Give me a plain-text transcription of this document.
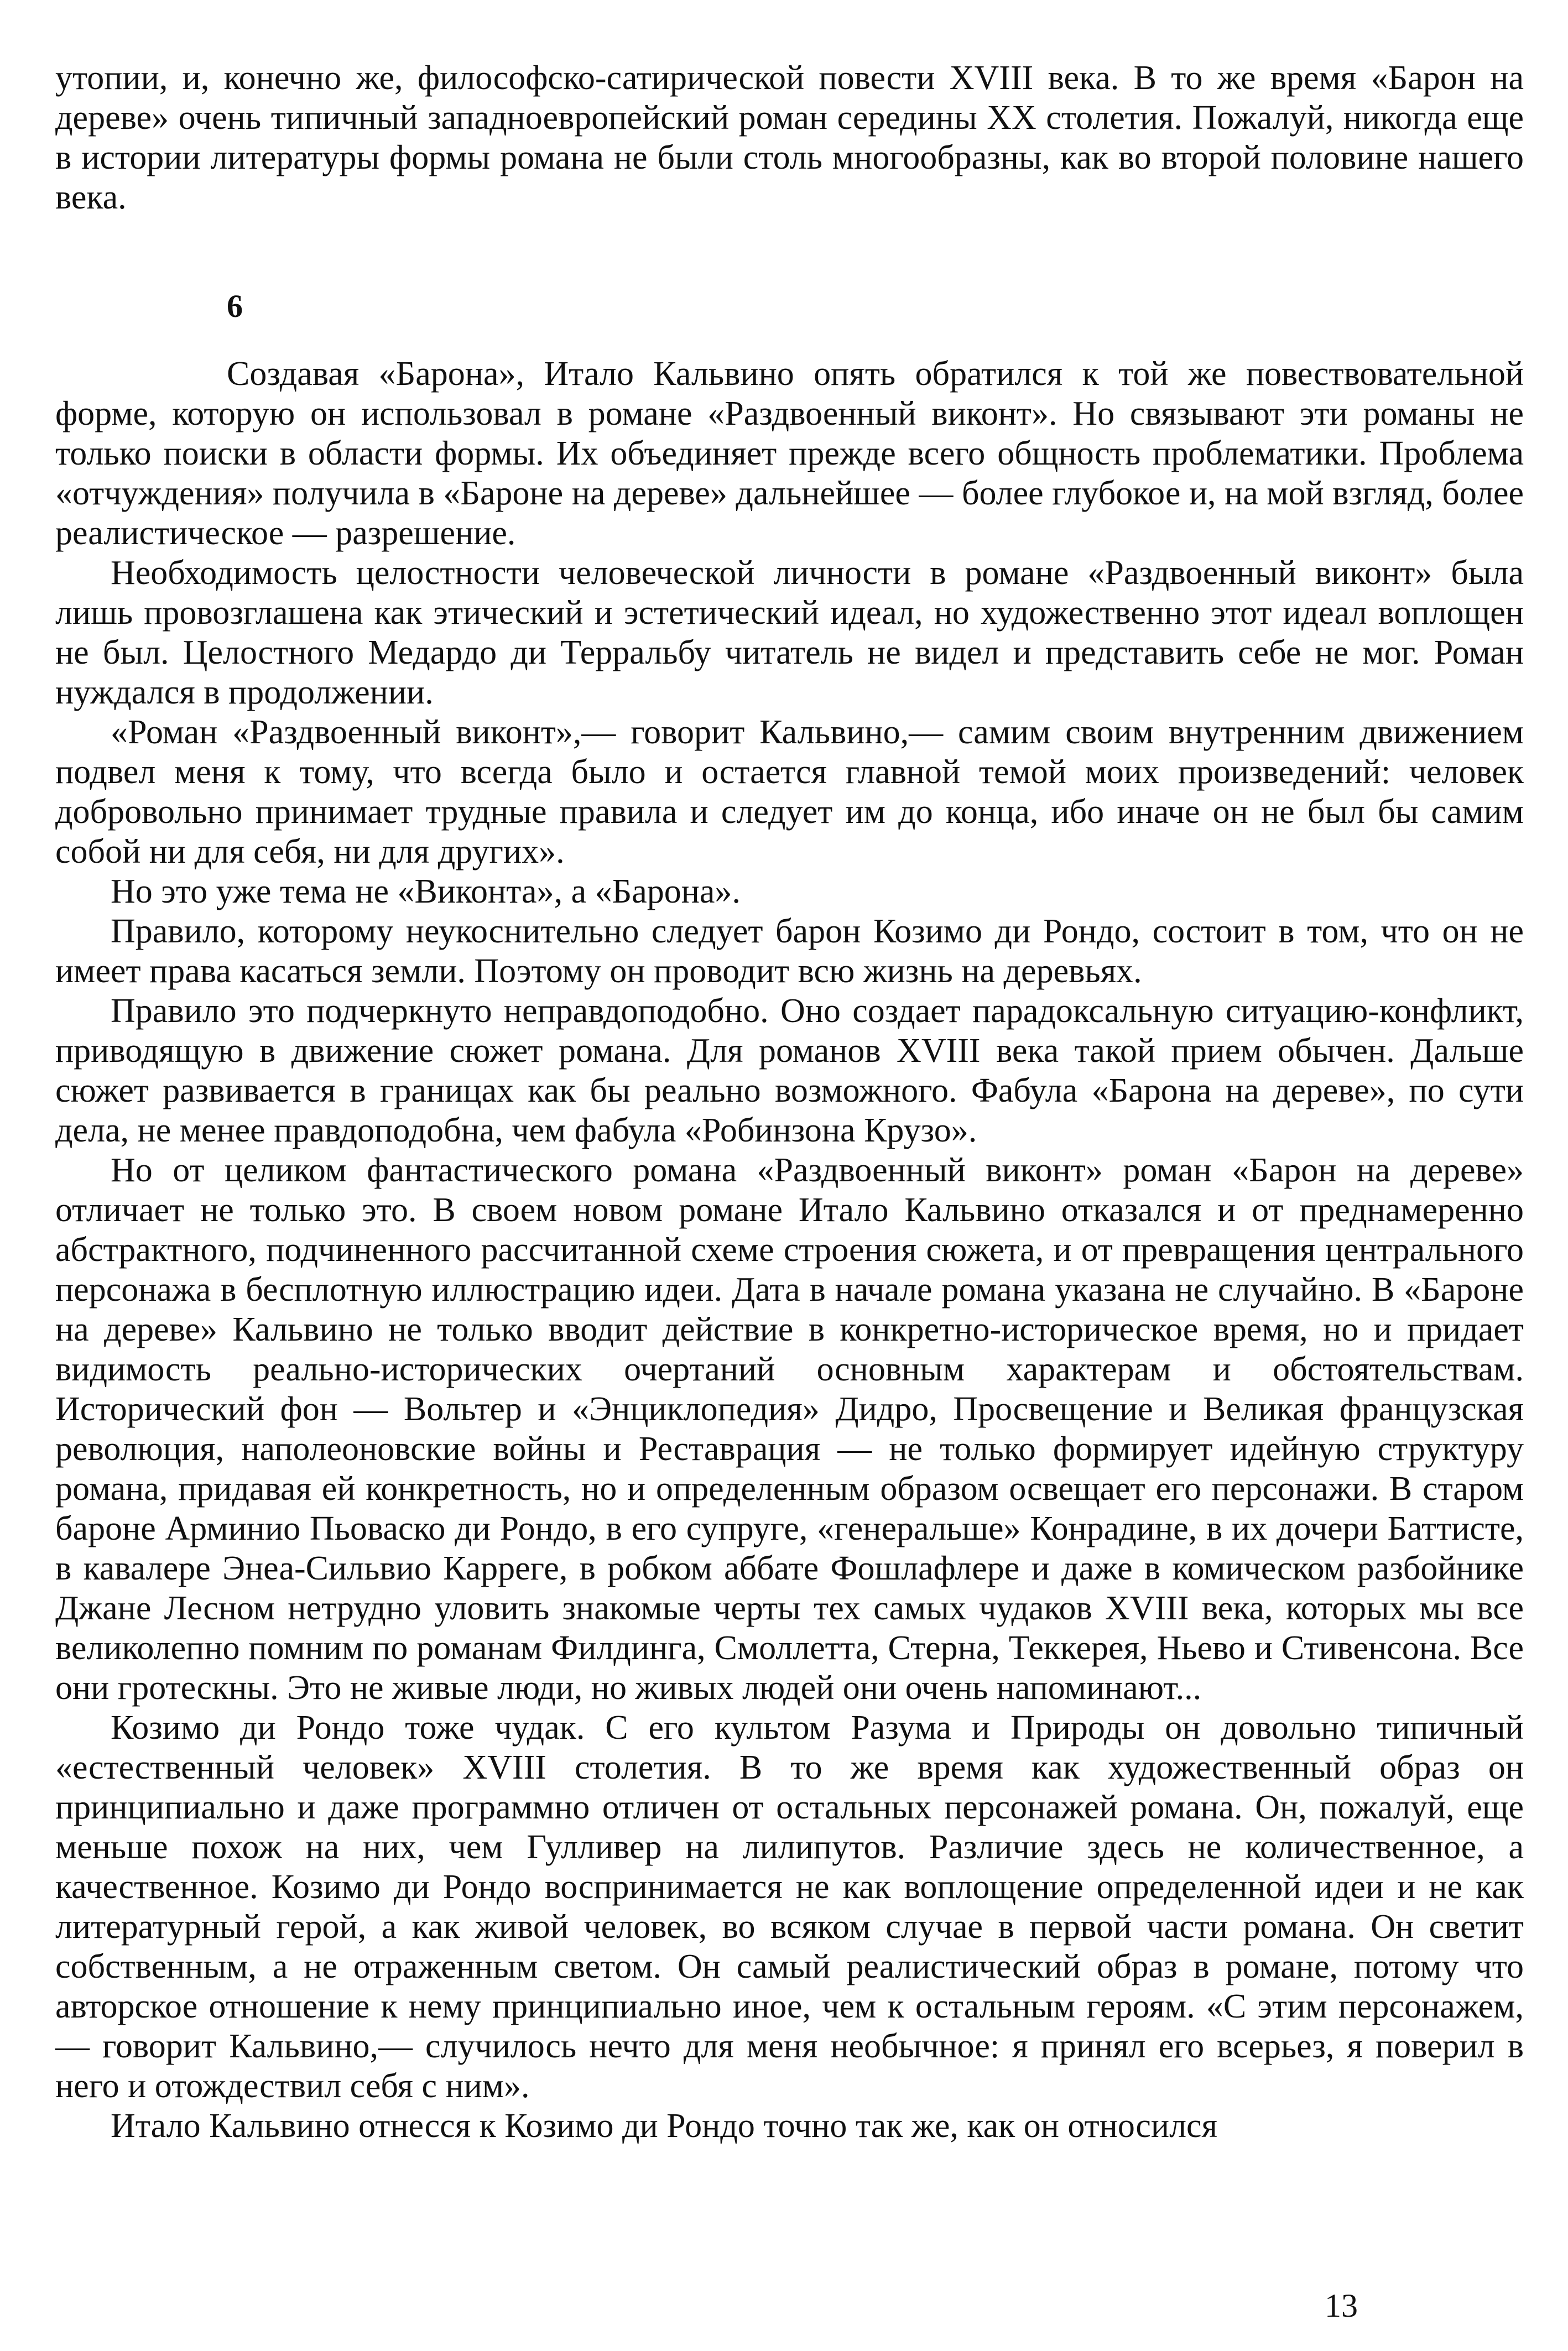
утопии, и, конечно же, философско-сатирической повести XVIII века. В то же время «Барон на дереве» очень типичный западноевропейский роман середины XX столетия. Пожалуй, никогда еще в истории литературы формы романа не были столь многообразны, как во второй половине нашего века.

6

Создавая «Барона», Итало Кальвино опять обратился к той же повествовательной форме, которую он использовал в романе «Раздвоенный виконт». Но связывают эти романы не только поиски в области формы. Их объединяет прежде всего общность проблематики. Проблема «отчуждения» получила в «Бароне на дереве» дальнейшее — более глубокое и, на мой взгляд, более реалистическое — разрешение.

Необходимость целостности человеческой личности в романе «Раздвоенный виконт» была лишь провозглашена как этический и эстетический идеал, но художественно этот идеал воплощен не был. Целостного Медардо ди Терральбу читатель не видел и представить себе не мог. Роман нуждался в продолжении.

«Роман «Раздвоенный виконт»,— говорит Кальвино,— самим своим внутренним движением подвел меня к тому, что всегда было и остается главной темой моих произведений: человек добровольно принимает трудные правила и следует им до конца, ибо иначе он не был бы самим собой ни для себя, ни для других».

Но это уже тема не «Виконта», а «Барона».

Правило, которому неукоснительно следует барон Козимо ди Рондо, состоит в том, что он не имеет права касаться земли. Поэтому он проводит всю жизнь на деревьях.

Правило это подчеркнуто неправдоподобно. Оно создает парадоксальную ситуацию-конфликт, приводящую в движение сюжет романа. Для романов XVIII века такой прием обычен. Дальше сюжет развивается в границах как бы реально возможного. Фабула «Барона на дереве», по сути дела, не менее правдоподобна, чем фабула «Робинзона Крузо».

Но от целиком фантастического романа «Раздвоенный виконт» роман «Барон на дереве» отличает не только это. В своем новом романе Итало Кальвино отказался и от преднамеренно абстрактного, подчиненного рассчитанной схеме строения сюжета, и от превращения центрального персонажа в бесплотную иллюстрацию идеи. Дата в начале романа указана не случайно. В «Бароне на дереве» Кальвино не только вводит действие в конкретно-историческое время, но и придает видимость реально-исторических очертаний основным характерам и обстоятельствам. Исторический фон — Вольтер и «Энциклопедия» Дидро, Просвещение и Великая французская революция, наполеоновские войны и Реставрация — не только формирует идейную структуру романа, придавая ей конкретность, но и определенным образом освещает его персонажи. В старом бароне Арминио Пьоваско ди Рондо, в его супруге, «генеральше» Конрадине, в их дочери Баттисте, в кавалере Энеа-Сильвио Карреге, в робком аббате Фошлафлере и даже в комическом разбойнике Джане Лесном нетрудно уловить знакомые черты тех самых чудаков XVIII века, которых мы все великолепно помним по романам Филдинга, Смоллетта, Стерна, Теккерея, Ньево и Стивенсона. Все они гротескны. Это не живые люди, но живых людей они очень напоминают...

Козимо ди Рондо тоже чудак. С его культом Разума и Природы он довольно типичный «естественный человек» XVIII столетия. В то же время как художественный образ он принципиально и даже программно отличен от остальных персонажей романа. Он, пожалуй, еще меньше похож на них, чем Гулливер на лилипутов. Различие здесь не количественное, а качественное. Козимо ди Рондо воспринимается не как воплощение определенной идеи и не как литературный герой, а как живой человек, во всяком случае в первой части романа. Он светит собственным, а не отраженным светом. Он самый реалистический образ в романе, потому что авторское отношение к нему принципиально иное, чем к остальным героям. «С этим персонажем,— говорит Кальвино,— случилось нечто для меня необычное: я принял его всерьез, я поверил в него и отождествил себя с ним».

Итало Кальвино отнесся к Козимо ди Рондо точно так же, как он относился

13
